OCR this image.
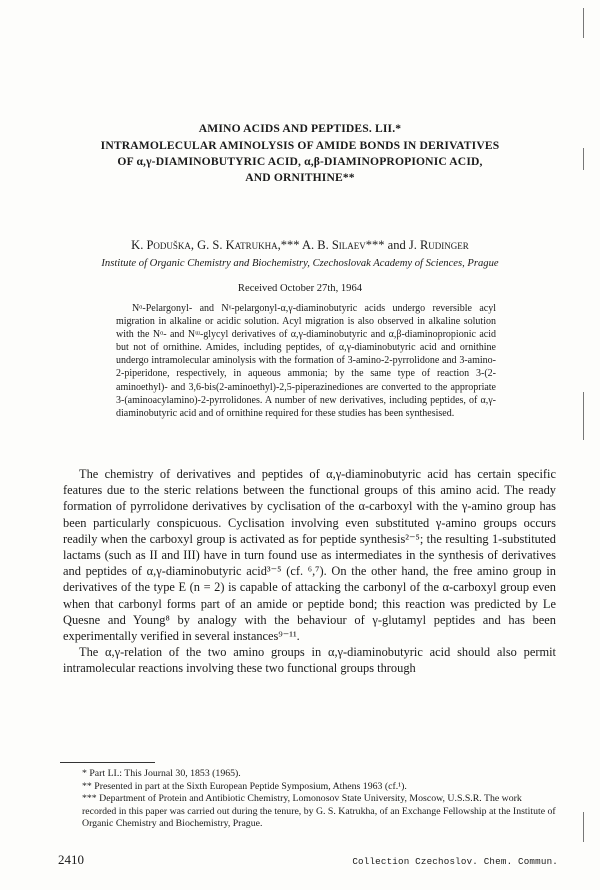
AMINO ACIDS AND PEPTIDES. LII.*
INTRAMOLECULAR AMINOLYSIS OF AMIDE BONDS IN DERIVATIVES
OF α,γ-DIAMINOBUTYRIC ACID, α,β-DIAMINOPROPIONIC ACID,
AND ORNITHINE**
K. Poduška, G. S. Katrukha,*** A. B. Silaev*** and J. Rudinger
Institute of Organic Chemistry and Biochemistry, Czechoslovak Academy of Sciences, Prague
Received October 27th, 1964
Nᵅ-Pelargonyl- and Nᵞ-pelargonyl-α,γ-diaminobutyric acids undergo reversible acyl migration in alkaline or acidic solution. Acyl migration is also observed in alkaline solution with the Nᵅ- and Nᵚ-glycyl derivatives of α,γ-diaminobutyric and α,β-diaminopropionic acid but not of ornithine. Amides, including peptides, of α,γ-diaminobutyric acid and ornithine undergo intramolecular aminolysis with the formation of 3-amino-2-pyrrolidone and 3-amino-2-piperidone, respectively, in aqueous ammonia; by the same type of reaction 3-(2-aminoethyl)- and 3,6-bis(2-aminoethyl)-2,5-piperazinediones are converted to the appropriate 3-(aminoacylamino)-2-pyrrolidones. A number of new derivatives, including peptides, of α,γ-diaminobutyric acid and of ornithine required for these studies has been synthesised.

The chemistry of derivatives and peptides of α,γ-diaminobutyric acid has certain specific features due to the steric relations between the functional groups of this amino acid. The ready formation of pyrrolidone derivatives by cyclisation of the α-carboxyl with the γ-amino group has been particularly conspicuous. Cyclisation involving even substituted γ-amino groups occurs readily when the carboxyl group is activated as for peptide synthesis²⁻⁵; the resulting 1-substituted lactams (such as II and III) have in turn found use as intermediates in the synthesis of derivatives and peptides of α,γ-diaminobutyric acid³⁻⁵ (cf. ⁶,⁷). On the other hand, the free amino group in derivatives of the type E (n = 2) is capable of attacking the carbonyl of the α-carboxyl group even when that carbonyl forms part of an amide or peptide bond; this reaction was predicted by Le Quesne and Young⁸ by analogy with the behaviour of γ-glutamyl peptides and has been experimentally verified in several instances⁹⁻¹¹.

The α,γ-relation of the two amino groups in α,γ-diaminobutyric acid should also permit intramolecular reactions involving these two functional groups through

* Part LI.: This Journal 30, 1853 (1965).
** Presented in part at the Sixth European Peptide Symposium, Athens 1963 (cf.¹).
*** Department of Protein and Antibiotic Chemistry, Lomonosov State University, Moscow, U.S.S.R. The work recorded in this paper was carried out during the tenure, by G. S. Katrukha, of an Exchange Fellowship at the Institute of Organic Chemistry and Biochemistry, Prague.
2410	Collection Czechoslov. Chem. Commun.
